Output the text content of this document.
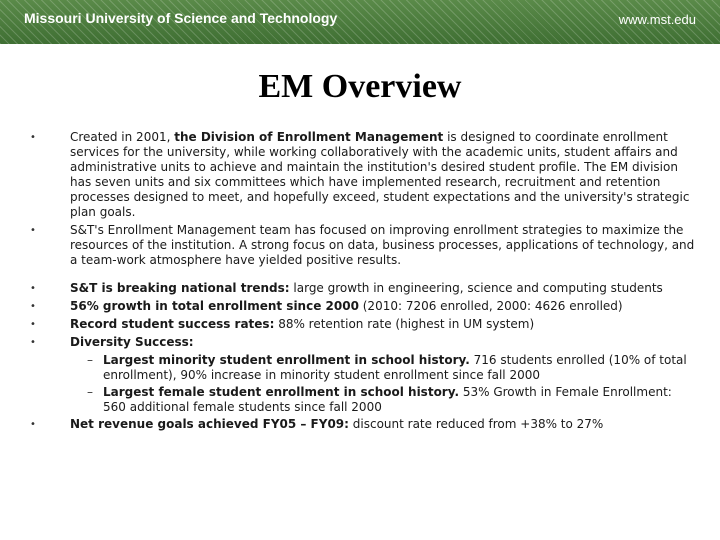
Missouri University of Science and Technology	www.mst.edu
EM Overview
• Created in 2001, the Division of Enrollment Management is designed to coordinate enrollment services for the university, while working collaboratively with the academic units, student affairs and administrative units to achieve and maintain the institution's desired student profile. The EM division has seven units and six committees which have implemented research, recruitment and retention processes designed to meet, and hopefully exceed, student expectations and the university's strategic plan goals.
• S&T's Enrollment Management team has focused on improving enrollment strategies to maximize the resources of the institution. A strong focus on data, business processes, applications of technology, and a team-work atmosphere have yielded positive results.
• S&T is breaking national trends: large growth in engineering, science and computing students
• 56% growth in total enrollment since 2000 (2010: 7206 enrolled, 2000: 4626 enrolled)
• Record student success rates: 88% retention rate (highest in UM system)
• Diversity Success:
– Largest minority student enrollment in school history. 716 students enrolled (10% of total enrollment), 90% increase in minority student enrollment since fall 2000
– Largest female student enrollment in school history. 53% Growth in Female Enrollment: 560 additional female students since fall 2000
• Net revenue goals achieved FY05 – FY09: discount rate reduced from +38% to 27%
